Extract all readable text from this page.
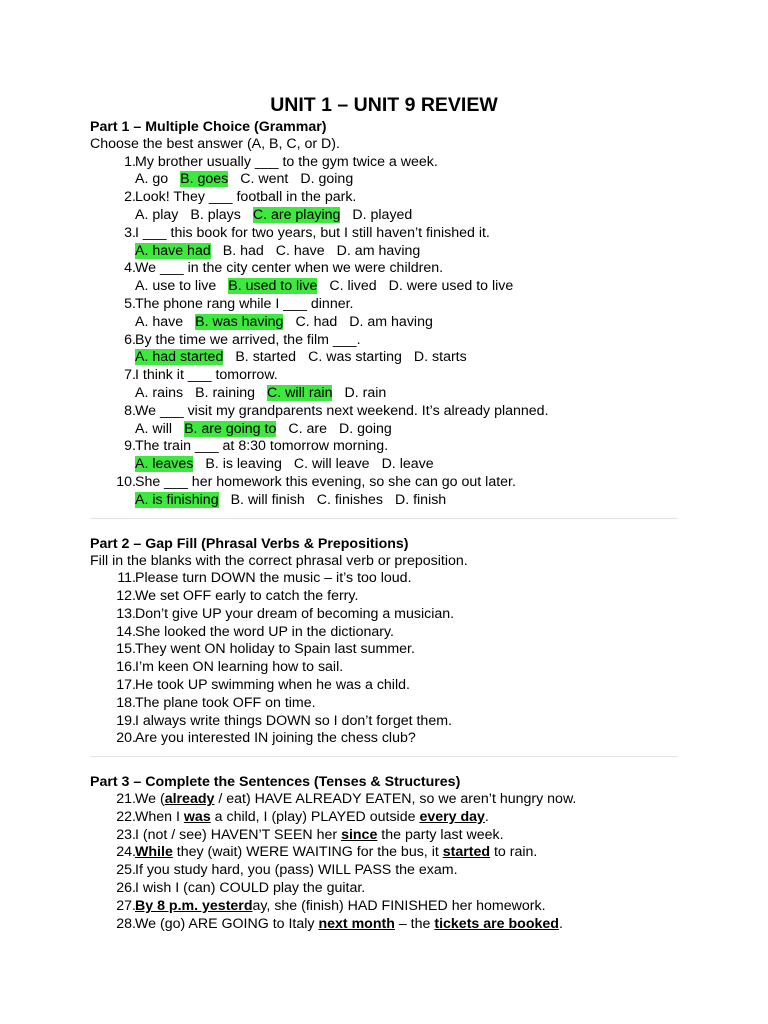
UNIT 1 – UNIT 9 REVIEW
Part 1 – Multiple Choice (Grammar)
Choose the best answer (A, B, C, or D).
1. My brother usually ___ to the gym twice a week.
A. go B. goes C. went D. going
2. Look! They ___ football in the park.
A. play B. plays C. are playing D. played
3. I ___ this book for two years, but I still haven’t finished it.
A. have had B. had C. have D. am having
4. We ___ in the city center when we were children.
A. use to live B. used to live C. lived D. were used to live
5. The phone rang while I ___ dinner.
A. have B. was having C. had D. am having
6. By the time we arrived, the film ___.
A. had started B. started C. was starting D. starts
7. I think it ___ tomorrow.
A. rains B. raining C. will rain D. rain
8. We ___ visit my grandparents next weekend. It’s already planned.
A. will B. are going to C. are D. going
9. The train ___ at 8:30 tomorrow morning.
A. leaves B. is leaving C. will leave D. leave
10. She ___ her homework this evening, so she can go out later.
A. is finishing B. will finish C. finishes D. finish
Part 2 – Gap Fill (Phrasal Verbs & Prepositions)
Fill in the blanks with the correct phrasal verb or preposition.
11. Please turn DOWN the music – it’s too loud.
12. We set OFF early to catch the ferry.
13. Don’t give UP your dream of becoming a musician.
14. She looked the word UP in the dictionary.
15. They went ON holiday to Spain last summer.
16. I’m keen ON learning how to sail.
17. He took UP swimming when he was a child.
18. The plane took OFF on time.
19. I always write things DOWN so I don’t forget them.
20. Are you interested IN joining the chess club?
Part 3 – Complete the Sentences (Tenses & Structures)
21. We (already / eat) HAVE ALREADY EATEN, so we aren’t hungry now.
22. When I was a child, I (play) PLAYED outside every day.
23. I (not / see) HAVEN’T SEEN her since the party last week.
24. While they (wait) WERE WAITING for the bus, it started to rain.
25. If you study hard, you (pass) WILL PASS the exam.
26. I wish I (can) COULD play the guitar.
27. By 8 p.m. yesterday, she (finish) HAD FINISHED her homework.
28. We (go) ARE GOING to Italy next month – the tickets are booked.
